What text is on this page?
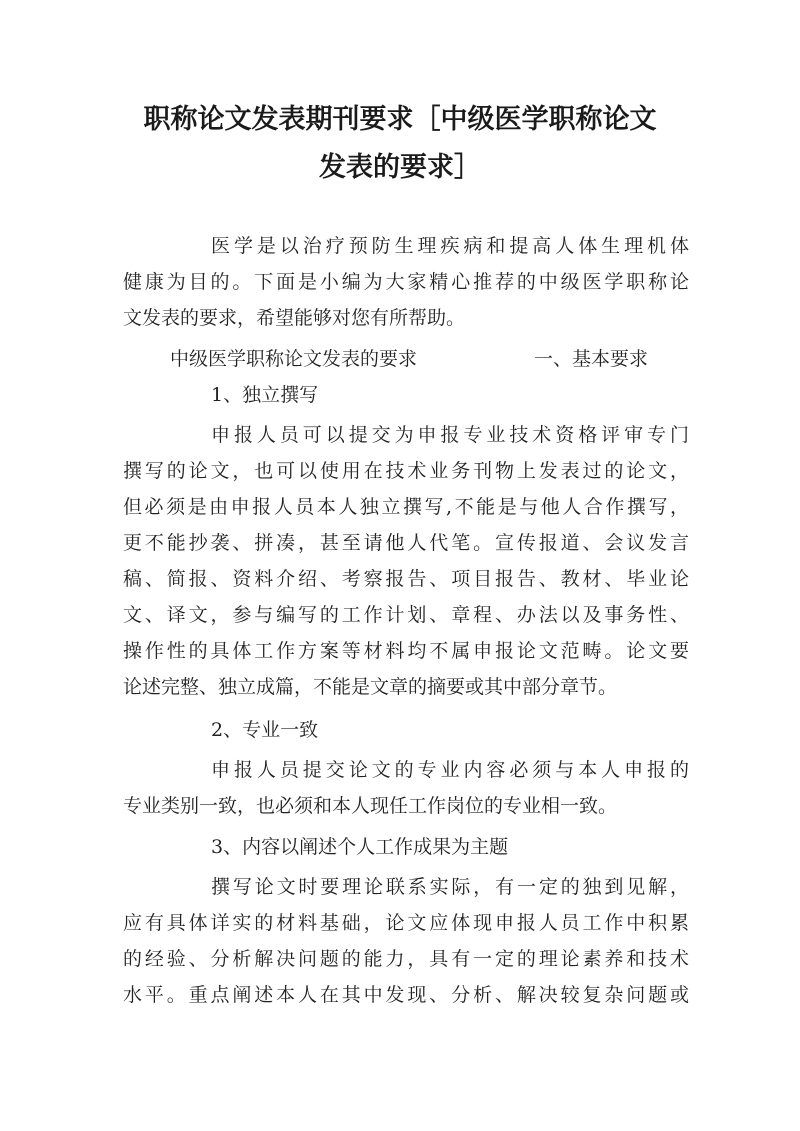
职称论文发表期刊要求［中级医学职称论文
发表的要求］
医学是以治疗预防生理疾病和提高人体生理机体
健康为目的。下面是小编为大家精心推荐的中级医学职称论
文发表的要求，希望能够对您有所帮助。
中级医学职称论文发表的要求	一、基本要求
1、独立撰写
申报人员可以提交为申报专业技术资格评审专门
撰写的论文，也可以使用在技术业务刊物上发表过的论文，
但必须是由申报人员本人独立撰写,不能是与他人合作撰写，
更不能抄袭、拼凑，甚至请他人代笔。宣传报道、会议发言
稿、简报、资料介绍、考察报告、项目报告、教材、毕业论
文、译文，参与编写的工作计划、章程、办法以及事务性、
操作性的具体工作方案等材料均不属申报论文范畴。论文要
论述完整、独立成篇，不能是文章的摘要或其中部分章节。
2、专业一致
申报人员提交论文的专业内容必须与本人申报的
专业类别一致，也必须和本人现任工作岗位的专业相一致。
3、内容以阐述个人工作成果为主题
撰写论文时要理论联系实际，有一定的独到见解，
应有具体详实的材料基础，论文应体现申报人员工作中积累
的经验、分析解决问题的能力，具有一定的理论素养和技术
水平。重点阐述本人在其中发现、分析、解决较复杂问题或
